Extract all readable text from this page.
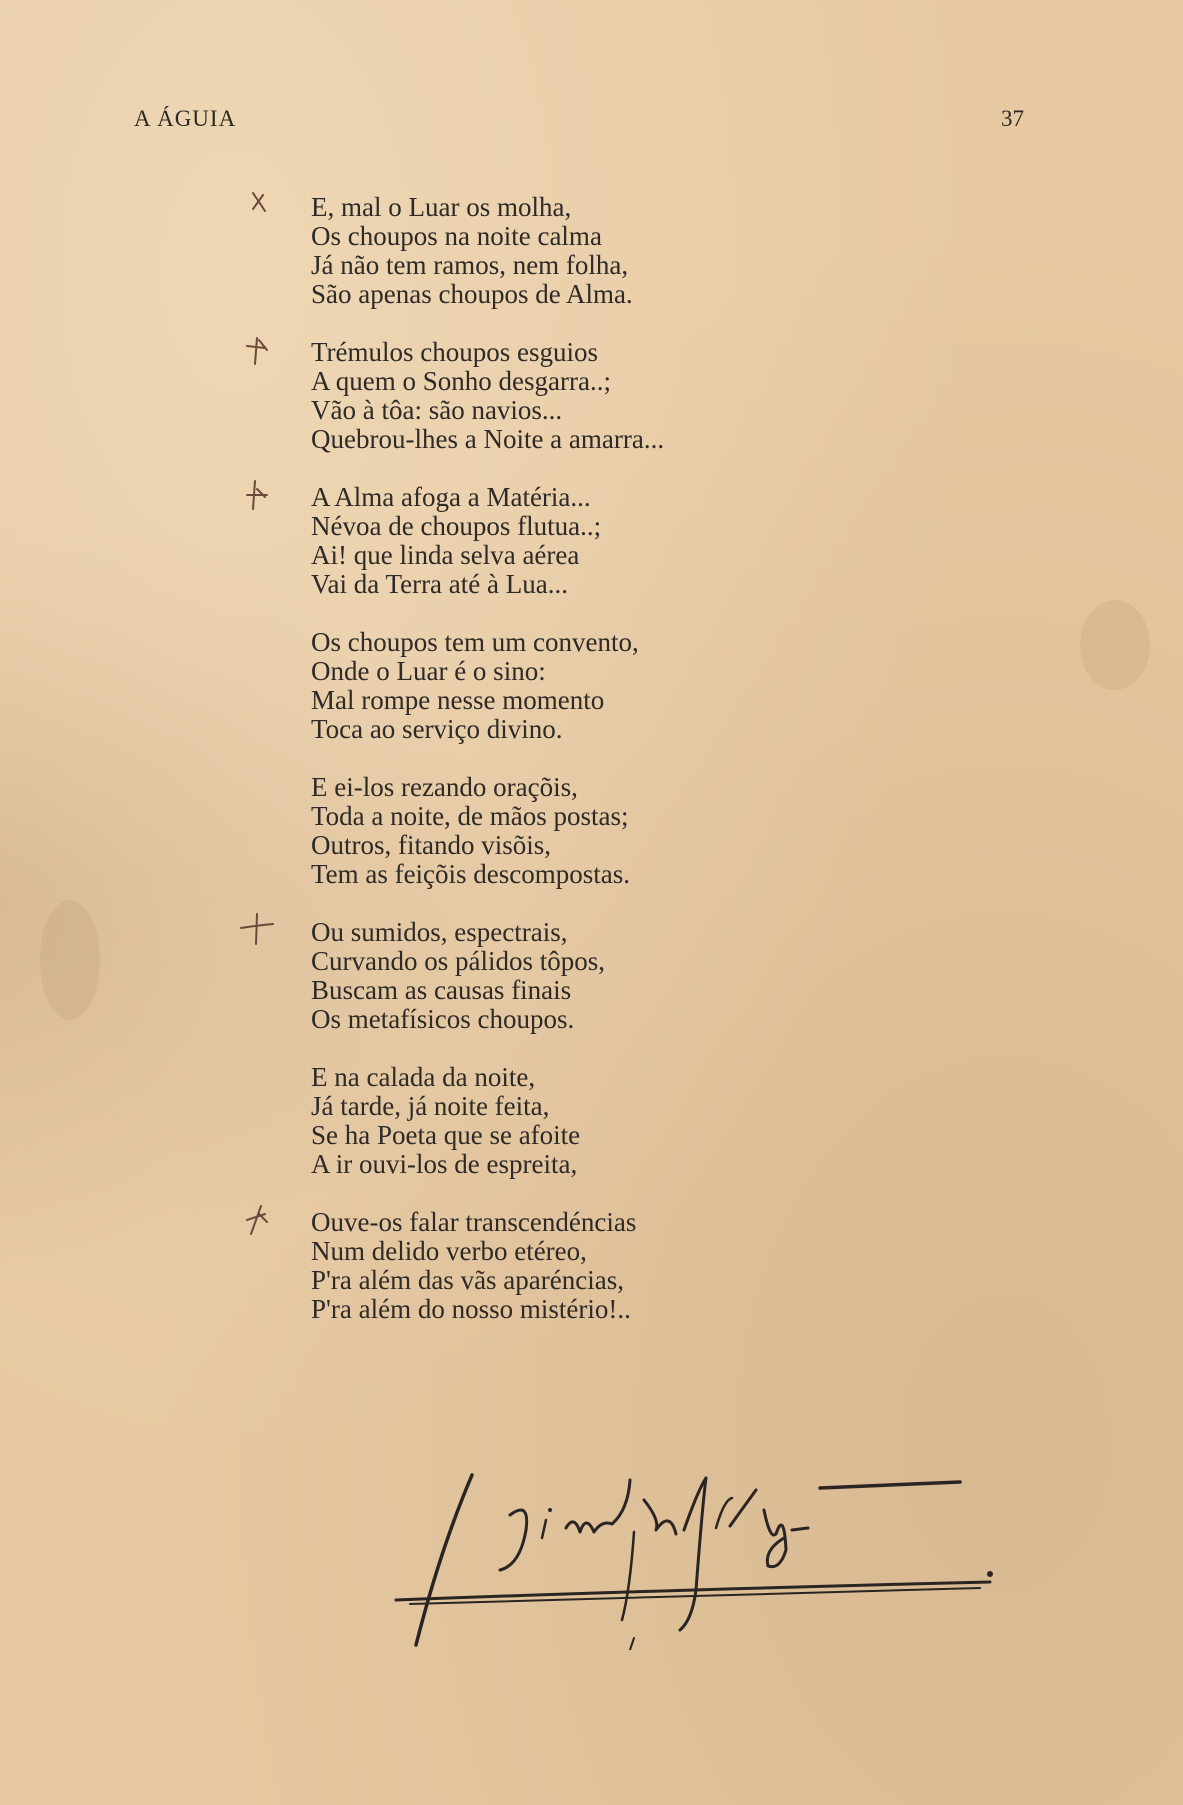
A ÁGUIA	37
E, mal o Luar os molha,
Os choupos na noite calma
Já não tem ramos, nem folha,
São apenas choupos de Alma.
Trémulos choupos esguios
A quem o Sonho desgarra..;
Vão à tôa: são navios...
Quebrou-lhes a Noite a amarra...
A Alma afoga a Matéria...
Névoa de choupos flutua..;
Ai! que linda selva aérea
Vai da Terra até à Lua...
Os choupos tem um convento,
Onde o Luar é o sino:
Mal rompe nesse momento
Toca ao serviço divino.
E ei-los rezando oraçõis,
Toda a noite, de mãos postas;
Outros, fitando visõis,
Tem as feiçõis descompostas.
Ou sumidos, espectrais,
Curvando os pálidos tôpos,
Buscam as causas finais
Os metafísicos choupos.
E na calada da noite,
Já tarde, já noite feita,
Se ha Poeta que se afoite
A ir ouvi-los de espreita,
Ouve-os falar transcendéncias
Num delido verbo etéreo,
P'ra além das vãs aparéncias,
P'ra além do nosso mistério!..
